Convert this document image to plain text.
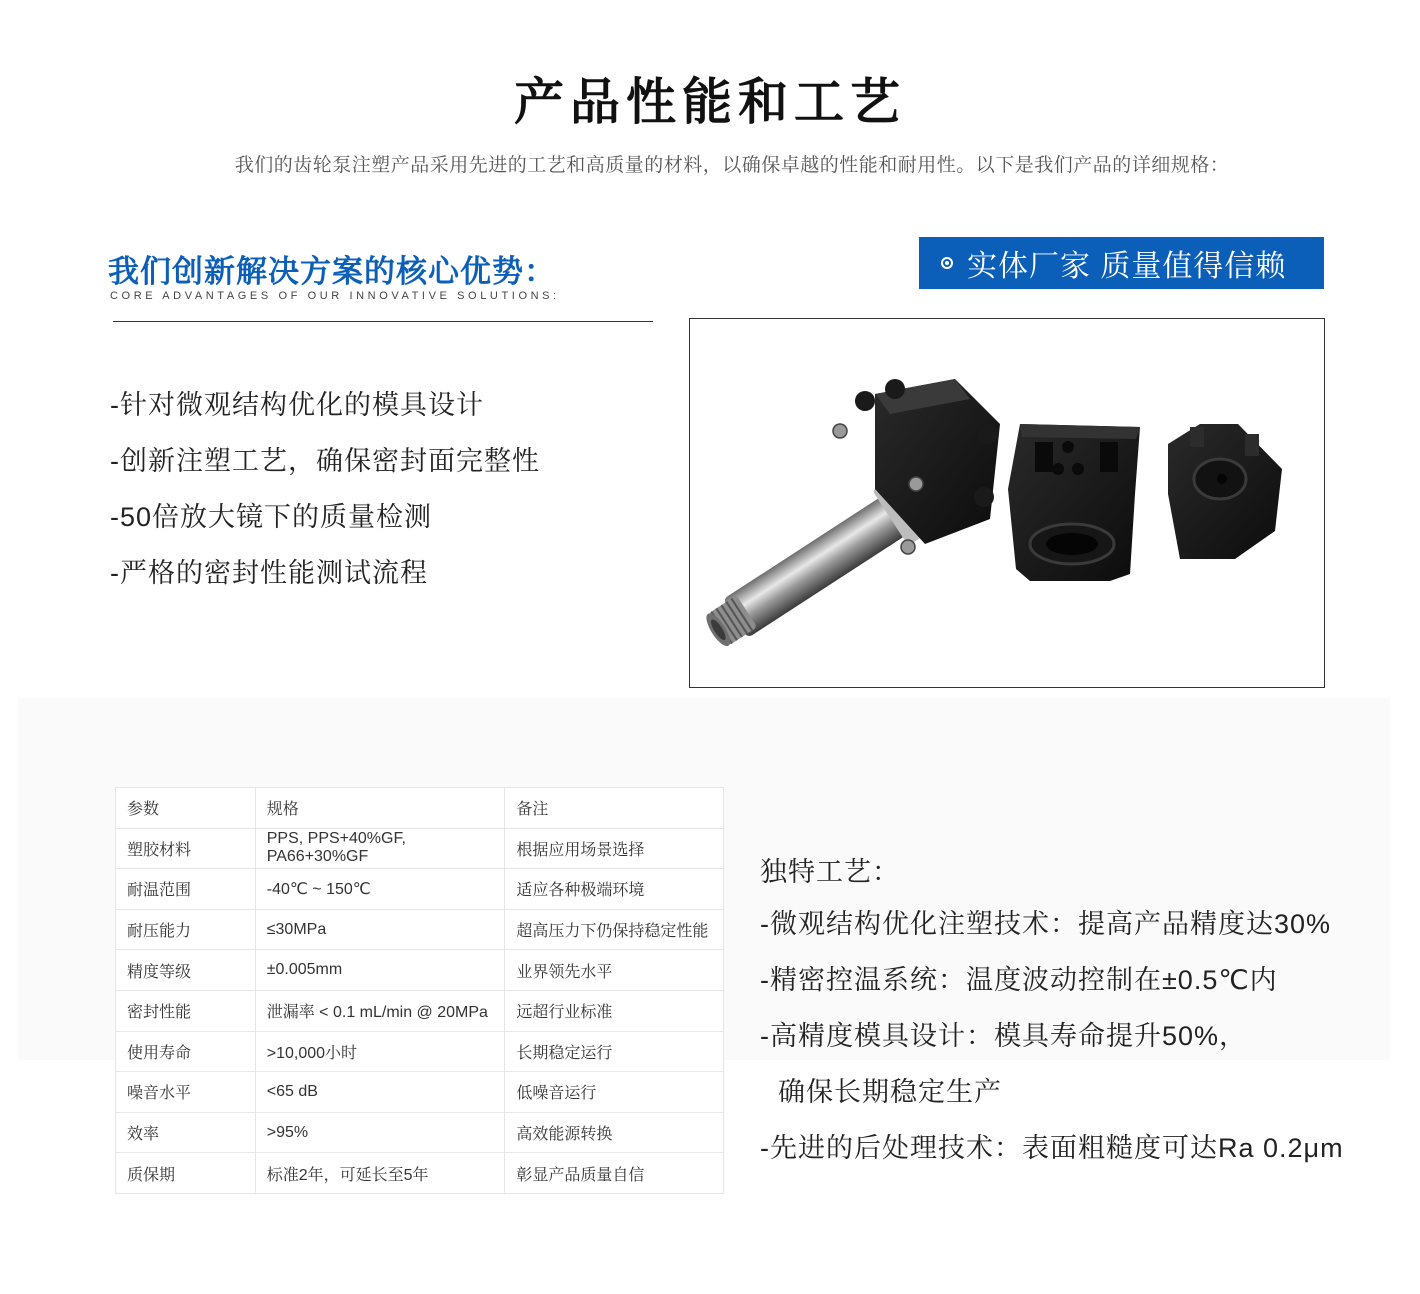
产品性能和工艺
我们的齿轮泵注塑产品采用先进的工艺和高质量的材料，以确保卓越的性能和耐用性。以下是我们产品的详细规格：
我们创新解决方案的核心优势：
CORE ADVANTAGES OF OUR INNOVATIVE SOLUTIONS:
实体厂家 质量值得信赖
-针对微观结构优化的模具设计
-创新注塑工艺，确保密封面完整性
-50倍放大镜下的质量检测
-严格的密封性能测试流程
参数	规格	备注
塑胶材料	PPS, PPS+40%GF, PA66+30%GF	根据应用场景选择
耐温范围	-40℃ ~ 150℃	适应各种极端环境
耐压能力	≤30MPa	超高压力下仍保持稳定性能
精度等级	±0.005mm	业界领先水平
密封性能	泄漏率 < 0.1 mL/min @ 20MPa	远超行业标准
使用寿命	>10,000小时	长期稳定运行
噪音水平	<65 dB	低噪音运行
效率	>95%	高效能源转换
质保期	标准2年，可延长至5年	彰显产品质量自信
独特工艺：
-微观结构优化注塑技术：提高产品精度达30%
-精密控温系统：温度波动控制在±0.5℃内
-高精度模具设计：模具寿命提升50%，
确保长期稳定生产
-先进的后处理技术：表面粗糙度可达Ra 0.2μm
